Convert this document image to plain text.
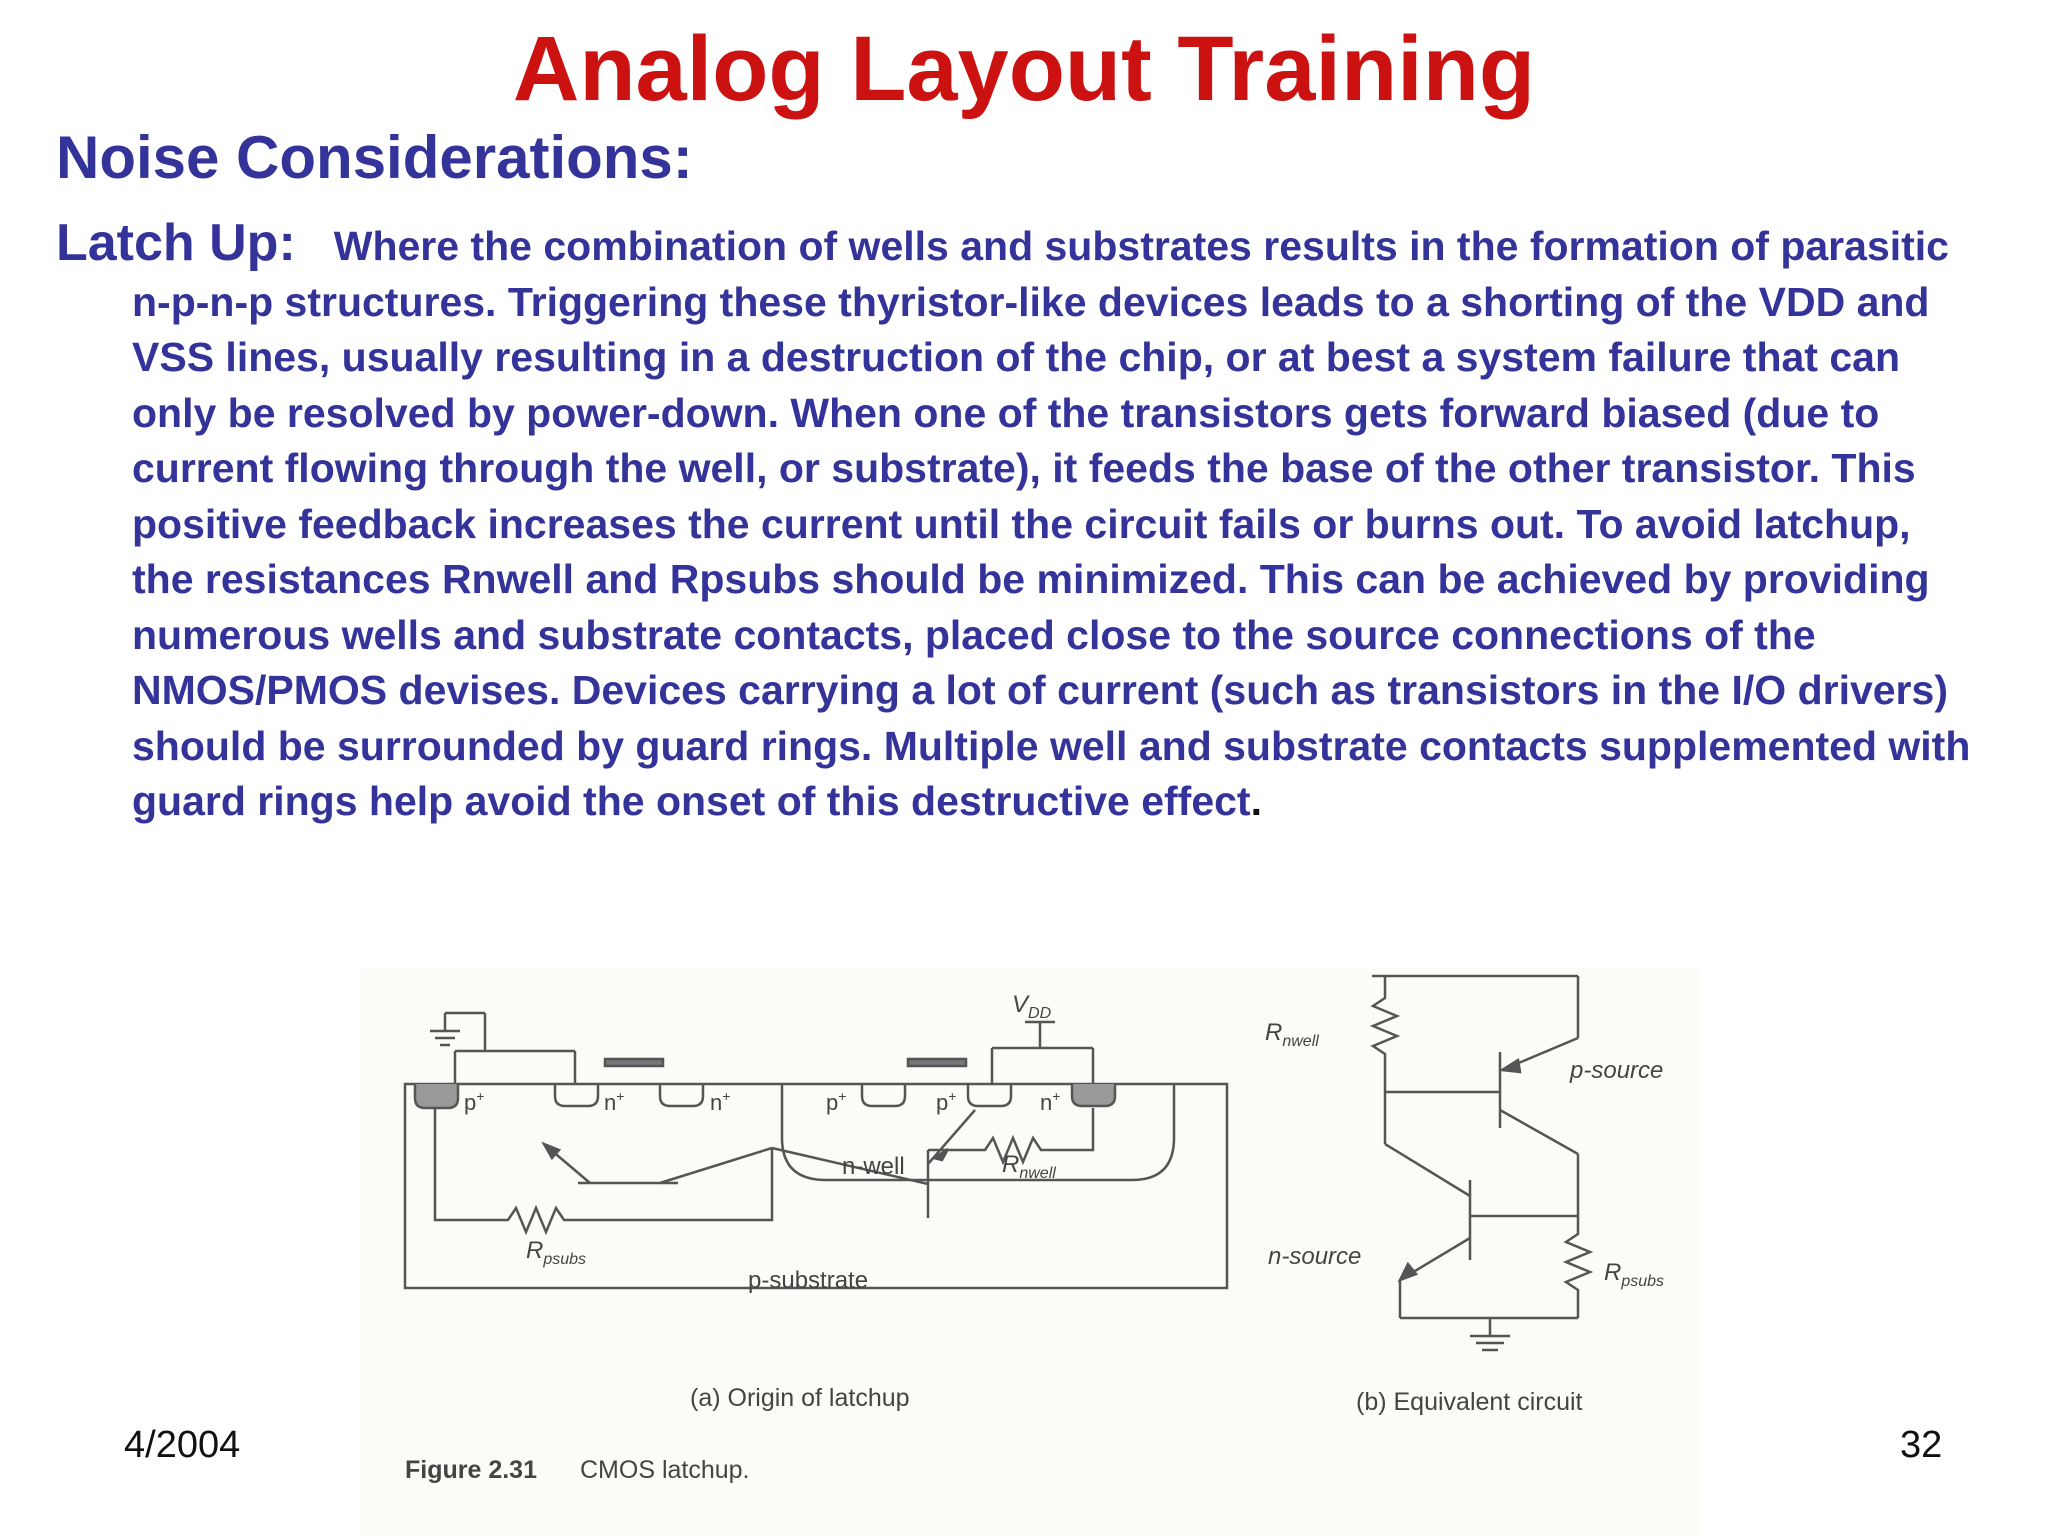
Analog Layout Training
Noise Considerations:
Latch Up: Where the combination of wells and substrates results in the formation of parasitic n-p-n-p structures. Triggering these thyristor-like devices leads to a shorting of the VDD and VSS lines, usually resulting in a destruction of the chip, or at best a system failure that can only be resolved by power-down. When one of the transistors gets forward biased (due to current flowing through the well, or substrate), it feeds the base of the other transistor. This positive feedback increases the current until the circuit fails or burns out. To avoid latchup, the resistances Rnwell and Rpsubs should be minimized. This can be achieved by providing numerous wells and substrate contacts, placed close to the source connections of the NMOS/PMOS devises. Devices carrying a lot of current (such as transistors in the I/O drivers) should be surrounded by guard rings. Multiple well and substrate contacts supplemented with guard rings help avoid the onset of this destructive effect.
$V_{DD}$
p+	n+	n+	p+	p+	n+
n-well	$R_{nwell}$
$R_{psubs}$
p-substrate
$R_{nwell}$
p-source
n-source
$R_{psubs}$
(a) Origin of latchup	(b) Equivalent circuit
Figure 2.31 CMOS latchup.
4/2004	32
